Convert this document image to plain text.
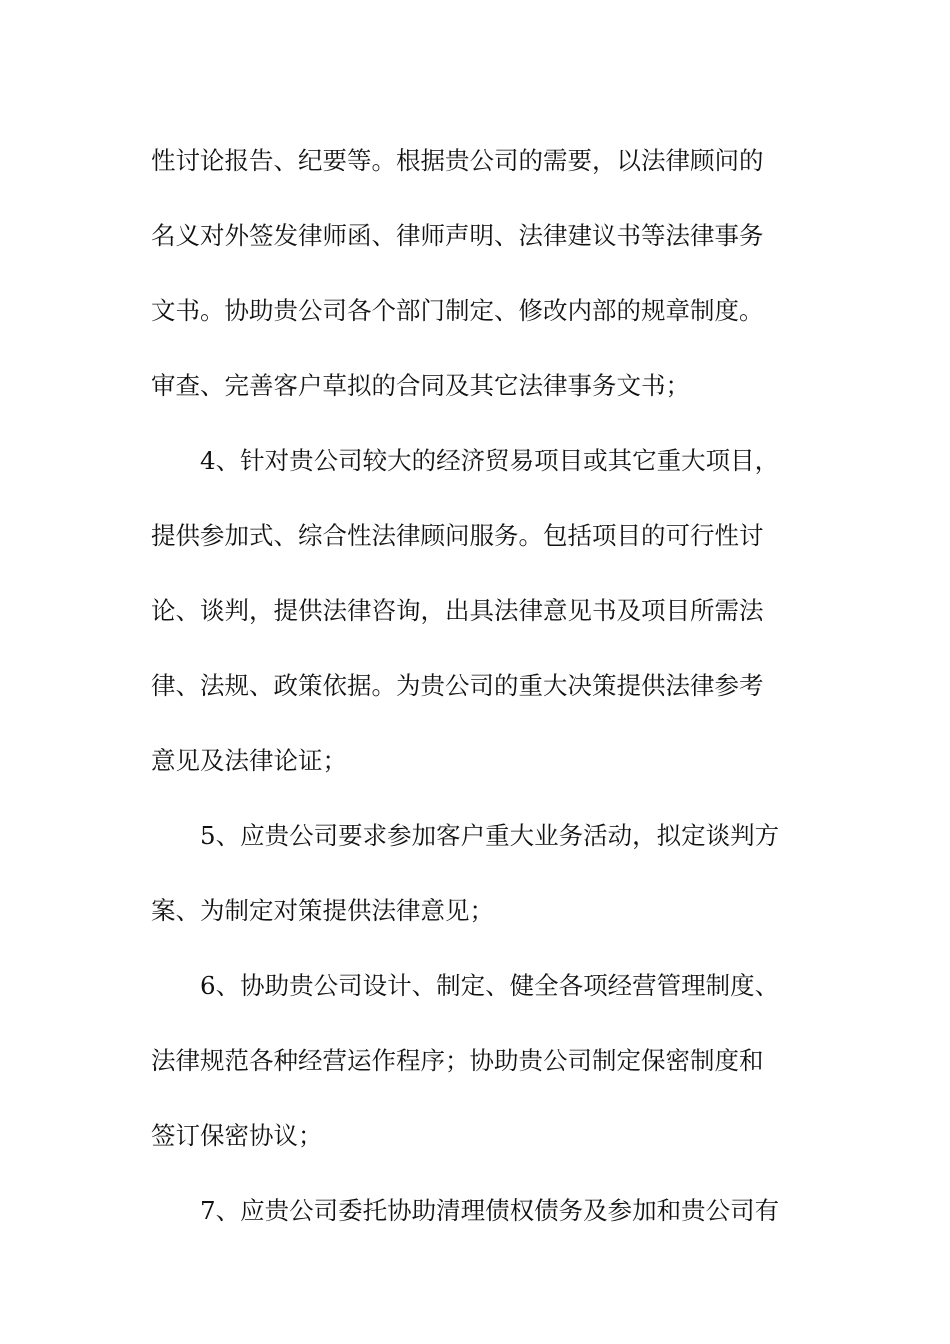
性讨论报告、纪要等。根据贵公司的需要，以法律顾问的
名义对外签发律师函、律师声明、法律建议书等法律事务
文书。协助贵公司各个部门制定、修改内部的规章制度。
审查、完善客户草拟的合同及其它法律事务文书；
4、针对贵公司较大的经济贸易项目或其它重大项目，
提供参加式、综合性法律顾问服务。包括项目的可行性讨
论、谈判，提供法律咨询，出具法律意见书及项目所需法
律、法规、政策依据。为贵公司的重大决策提供法律参考
意见及法律论证；
5、应贵公司要求参加客户重大业务活动，拟定谈判方
案、为制定对策提供法律意见；
6、协助贵公司设计、制定、健全各项经营管理制度、
法律规范各种经营运作程序；协助贵公司制定保密制度和
签订保密协议；
7、应贵公司委托协助清理债权债务及参加和贵公司有
